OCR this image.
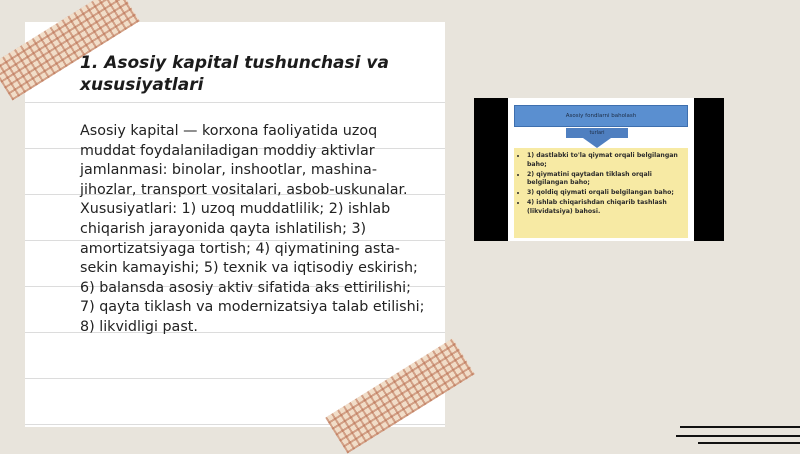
1. Asosiy kapital tushunchasi va xususiyatlari

Asosiy kapital — korxona faoliyatida uzoq muddat foydalaniladigan moddiy aktivlar jamlanmasi: binolar, inshootlar, mashina-jihozlar, transport vositalari, asbob-uskunalar. Xususiyatlari: 1) uzoq muddatlilik; 2) ishlab chiqarish jarayonida qayta ishlatilish; 3) amortizatsiyaga tortish; 4) qiymatining asta-sekin kamayishi; 5) texnik va iqtisodiy eskirish; 6) balansda asosiy aktiv sifatida aks ettirilishi; 7) qayta tiklash va modernizatsiya talab etilishi; 8) likvidligi past.

Asosiy fondlarni baholash
turlari
• 1) dastlabki to'la qiymat orqali belgilangan baho;
• 2) qiymatini qaytadan tiklash orqali belgilangan baho;
• 3) qoldiq qiymati orqali belgilangan baho;
• 4) ishlab chiqarishdan chiqarib tashlash (likvidatsiya) bahosi.
